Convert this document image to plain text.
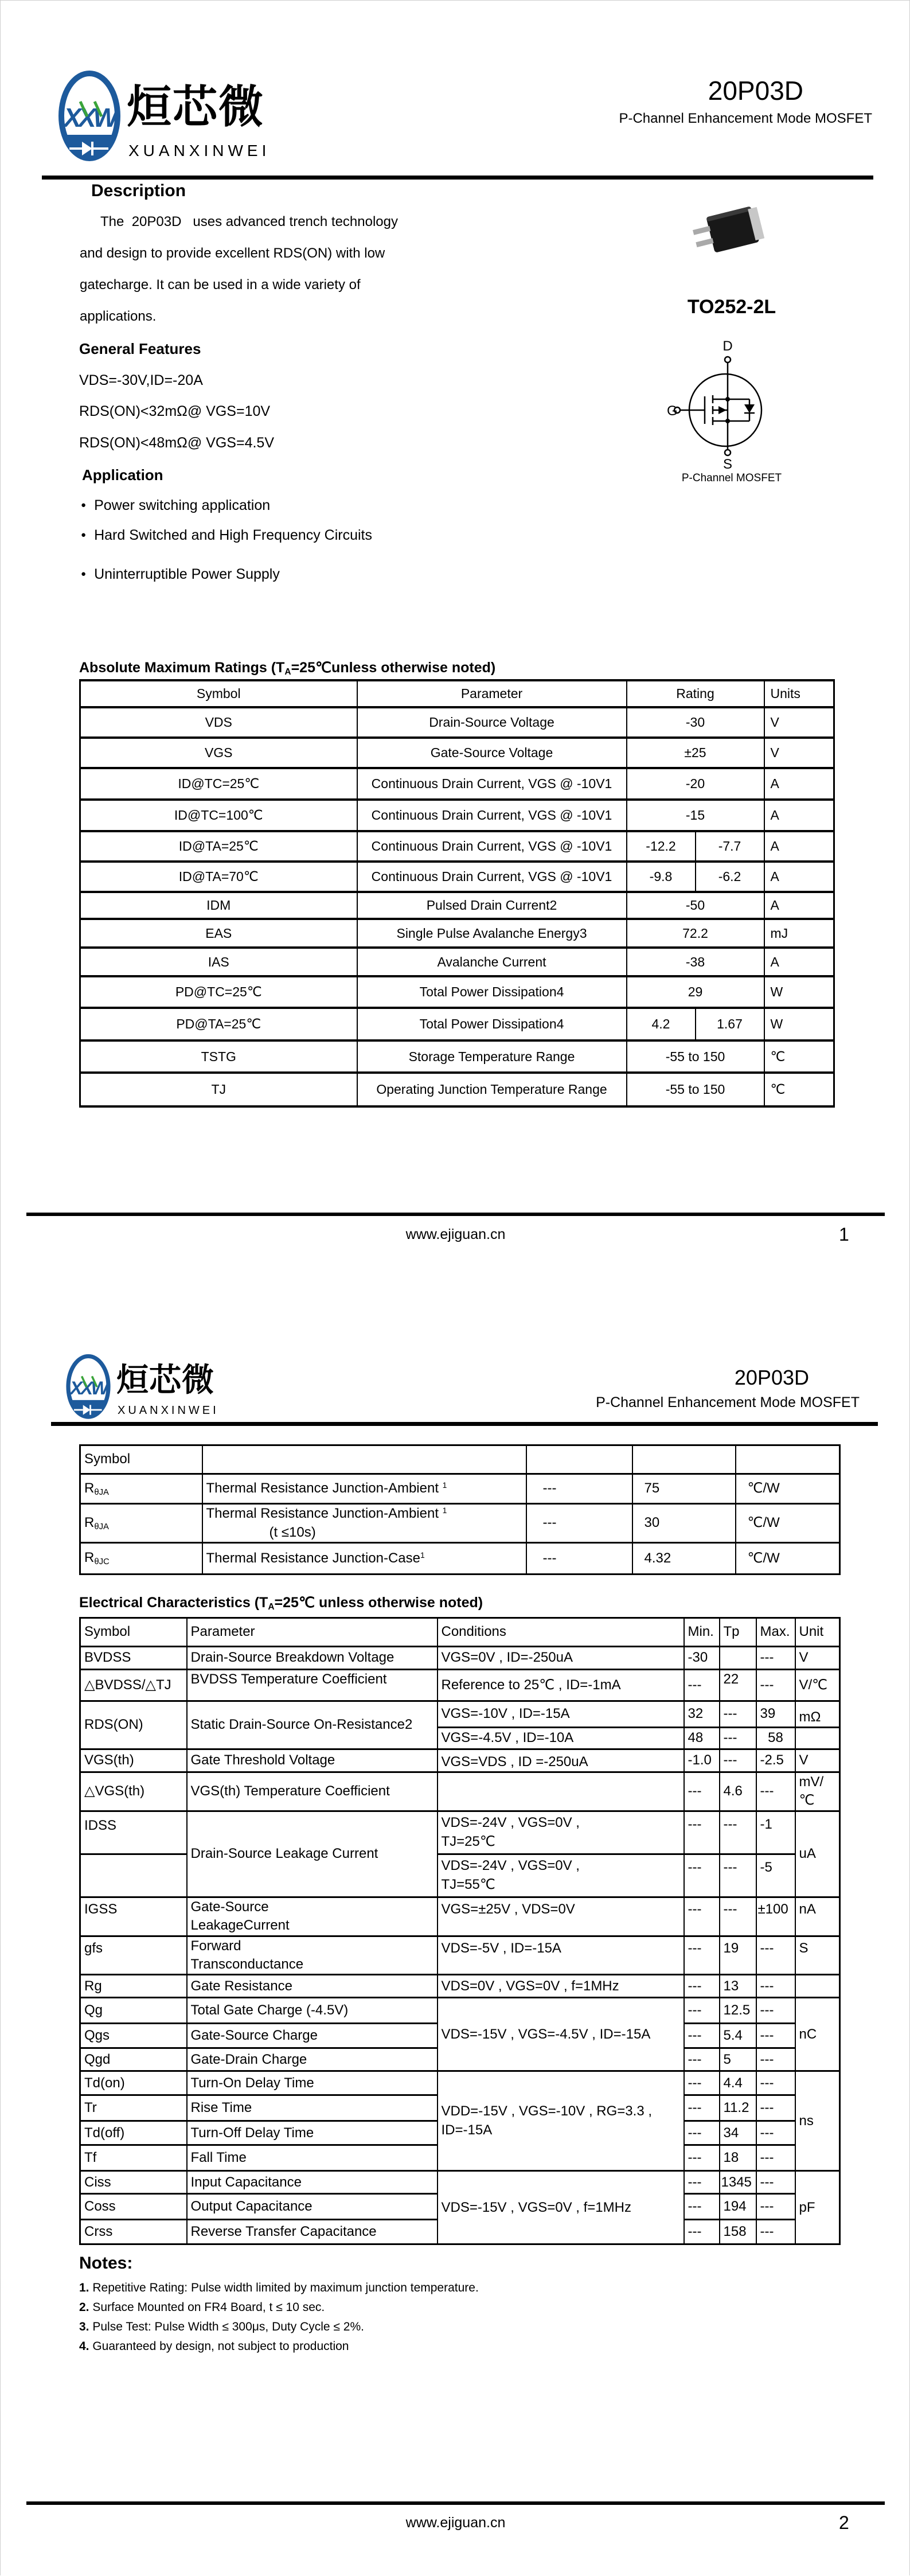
XXW 烜芯微
XUANXINWEI
20P03D
P-Channel Enhancement Mode MOSFET
Description
The  20P03D   uses advanced trench technology
and design to provide excellent RDS(ON) with low
gatecharge. It can be used in a wide variety of
applications.
General Features
VDS=-30V,ID=-20A
RDS(ON)<32mΩ@ VGS=10V
RDS(ON)<48mΩ@ VGS=4.5V
Application
● Power switching application
● Hard Switched and High Frequency Circuits
● Uninterruptible Power Supply
TO252-2L
D
G
S
P-Channel MOSFET
Absolute Maximum Ratings ($T_A=25℃unless$ otherwise noted)
Symbol	Parameter	Rating		Units
VDS	Drain-Source Voltage	-30		V
VGS	Gate-Source Voltage	±25		V
ID@TC=25℃	Continuous Drain Current, VGS @ -10V1	-20		A
ID@TC=100℃	Continuous Drain Current, VGS @ -10V1	-15		A
ID@TA=25℃	Continuous Drain Current, VGS @ -10V1	-12.2	-7.7	A
ID@TA=70℃	Continuous Drain Current, VGS @ -10V1	-9.8	-6.2	A
IDM	Pulsed Drain Current2	-50		A
EAS	Single Pulse Avalanche Energy3	72.2		mJ
IAS	Avalanche Current	-38		A
PD@TC=25℃	Total Power Dissipation4	29		W
PD@TA=25℃	Total Power Dissipation4	4.2	1.67	W
TSTG	Storage Temperature Range	-55 to 150		℃
TJ	Operating Junction Temperature Range	-55 to 150		℃
www.ejiguan.cn	1
XXW 烜芯微
XUANXINWEI
20P03D
P-Channel Enhancement Mode MOSFET
Symbol				
$R_{\theta JA}$	Thermal Resistance Junction-Ambient $^1$	---	75	℃/W
$R_{\theta JA}$	Thermal Resistance Junction-Ambient $^1$
(t ≤10s)	---	30	℃/W
$R_{\theta JC}$	Thermal Resistance Junction-Case$^1$	---	4.32	℃/W
Electrical Characteristics ($T_A=25℃$ unless otherwise noted)
Symbol	Parameter	Conditions	Min.	Tp	Max.	Unit
BVDSS	Drain-Source Breakdown Voltage	VGS=0V , ID=-250uA	-30		---	V
△BVDSS/△TJ	BVDSS Temperature Coefficient	Reference to 25℃ , ID=-1mA	---	22	---	V/℃
RDS(ON)	Static Drain-Source On-Resistance2	VGS=-10V , ID=-15A	32	---	39	mΩ
		VGS=-4.5V , ID=-10A	48	---	58	
VGS(th)	Gate Threshold Voltage	VGS=VDS , ID =-250uA	-1.0	---	-2.5	V
△VGS(th)	VGS(th) Temperature Coefficient		---	4.6	---	mV/℃
IDSS	Drain-Source Leakage Current	VDS=-24V , VGS=0V ,
TJ=25℃	---	---	-1	uA

		VDS=-24V , VGS=0V ,
TJ=55℃	---	---	-5	
IGSS	Gate-Source
LeakageCurrent	VGS=±25V , VDS=0V	---	---	±100	nA
gfs	Forward
Transconductance	VDS=-5V , ID=-15A	---	19	---	S
Rg	Gate Resistance	VDS=0V , VGS=0V , f=1MHz	---	13	---	
Qg	Total Gate Charge (-4.5V)	VDS=-15V , VGS=-4.5V , ID=-15A	---	12.5	---	nC
Qgs	Gate-Source Charge		---	5.4	---	
Qgd	Gate-Drain Charge		---	5	---	
Td(on)	Turn-On Delay Time	VDD=-15V , VGS=-10V , RG=3.3 ,
ID=-15A	---	4.4	---	ns
Tr	Rise Time		---	11.2	---	
Td(off)	Turn-Off Delay Time		---	34	---	
Tf	Fall Time		---	18	---	
Ciss	Input Capacitance	VDS=-15V , VGS=0V , f=1MHz	---	1345	---	pF
Coss	Output Capacitance		---	194	---	
Crss	Reverse Transfer Capacitance		---	158	---	
Notes:
1. Repetitive Rating: Pulse width limited by maximum junction temperature.
2. Surface Mounted on FR4 Board, t ≤ 10 sec.
3. Pulse Test: Pulse Width ≤ 300μs, Duty Cycle ≤ 2%.
4. Guaranteed by design, not subject to production
www.ejiguan.cn	2
